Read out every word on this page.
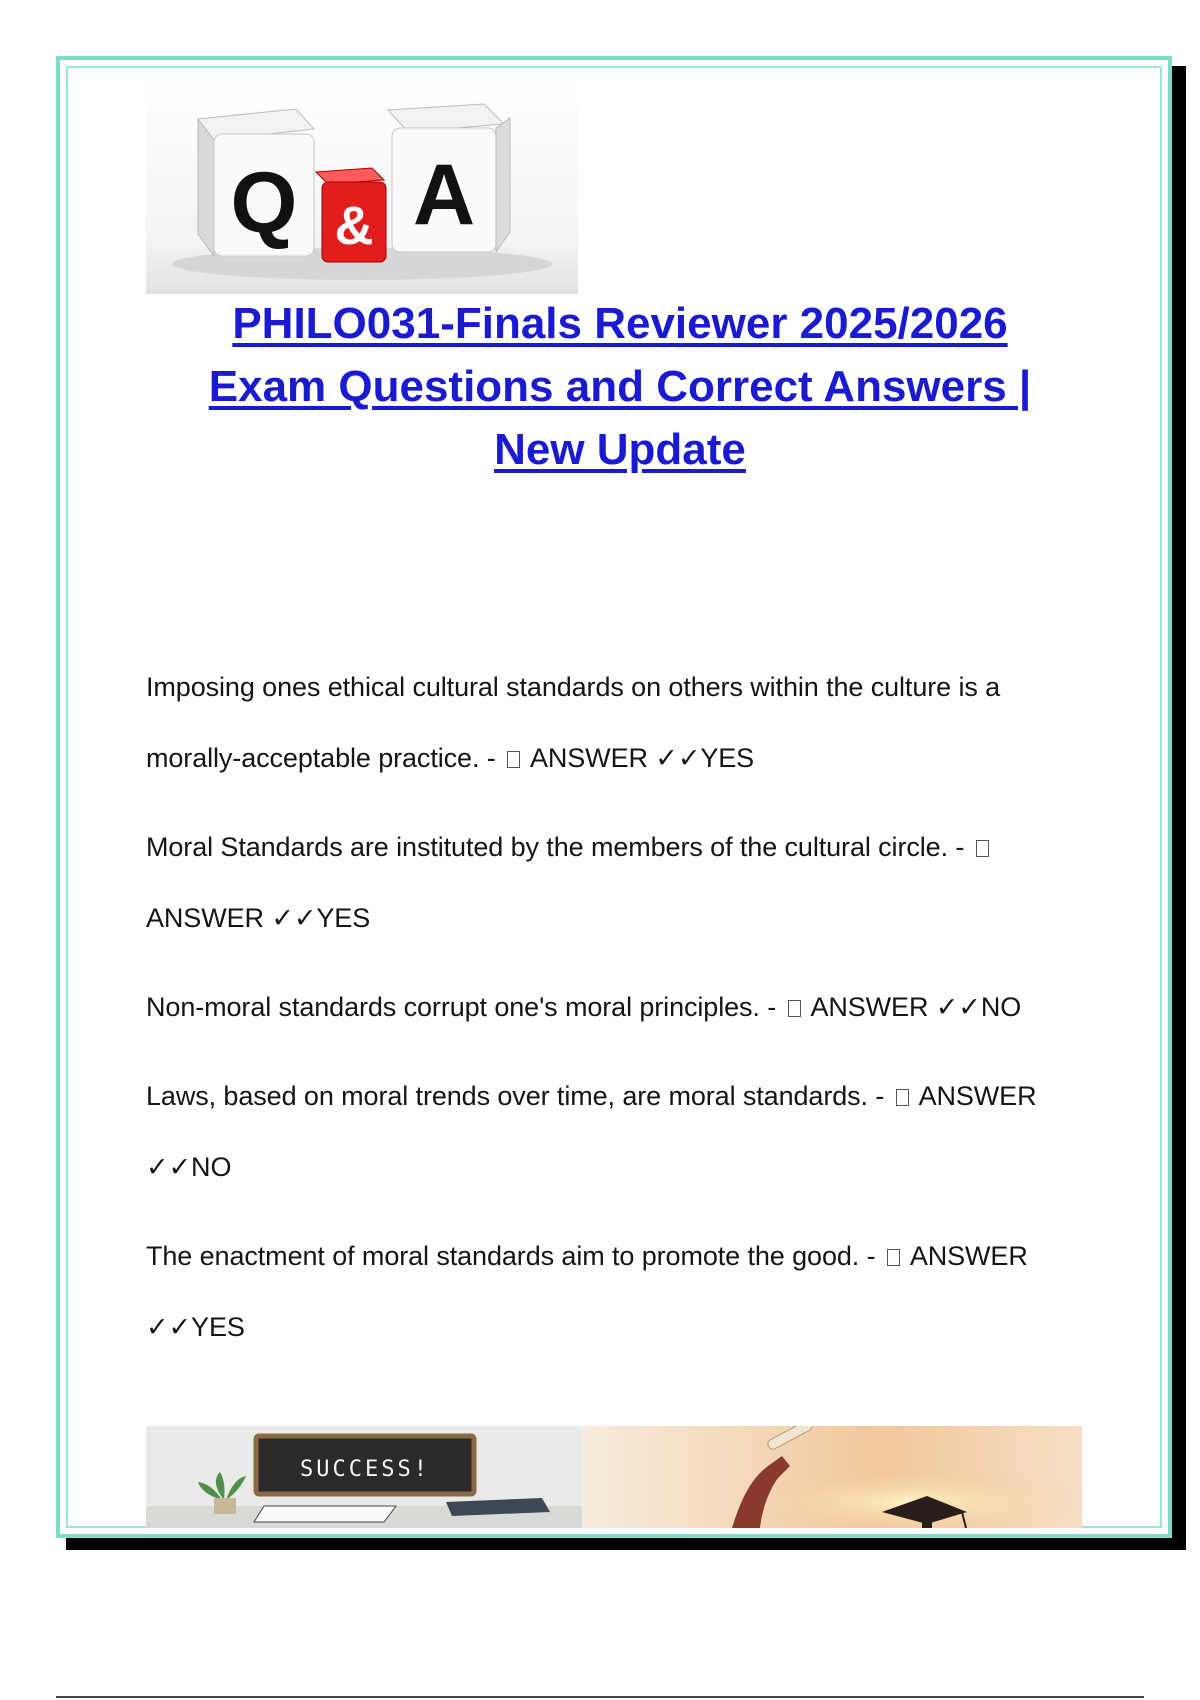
Q & A
PHILO031-Finals Reviewer 2025/2026
Exam Questions and Correct Answers |
New Update
Imposing ones ethical cultural standards on others within the culture is a morally-acceptable practice. -  ANSWER ✓✓YES
Moral Standards are instituted by the members of the cultural circle. -  ANSWER ✓✓YES
Non-moral standards corrupt one's moral principles. -  ANSWER ✓✓NO
Laws, based on moral trends over time, are moral standards. -  ANSWER ✓✓NO
The enactment of moral standards aim to promote the good. -  ANSWER ✓✓YES
SUCCESS!
